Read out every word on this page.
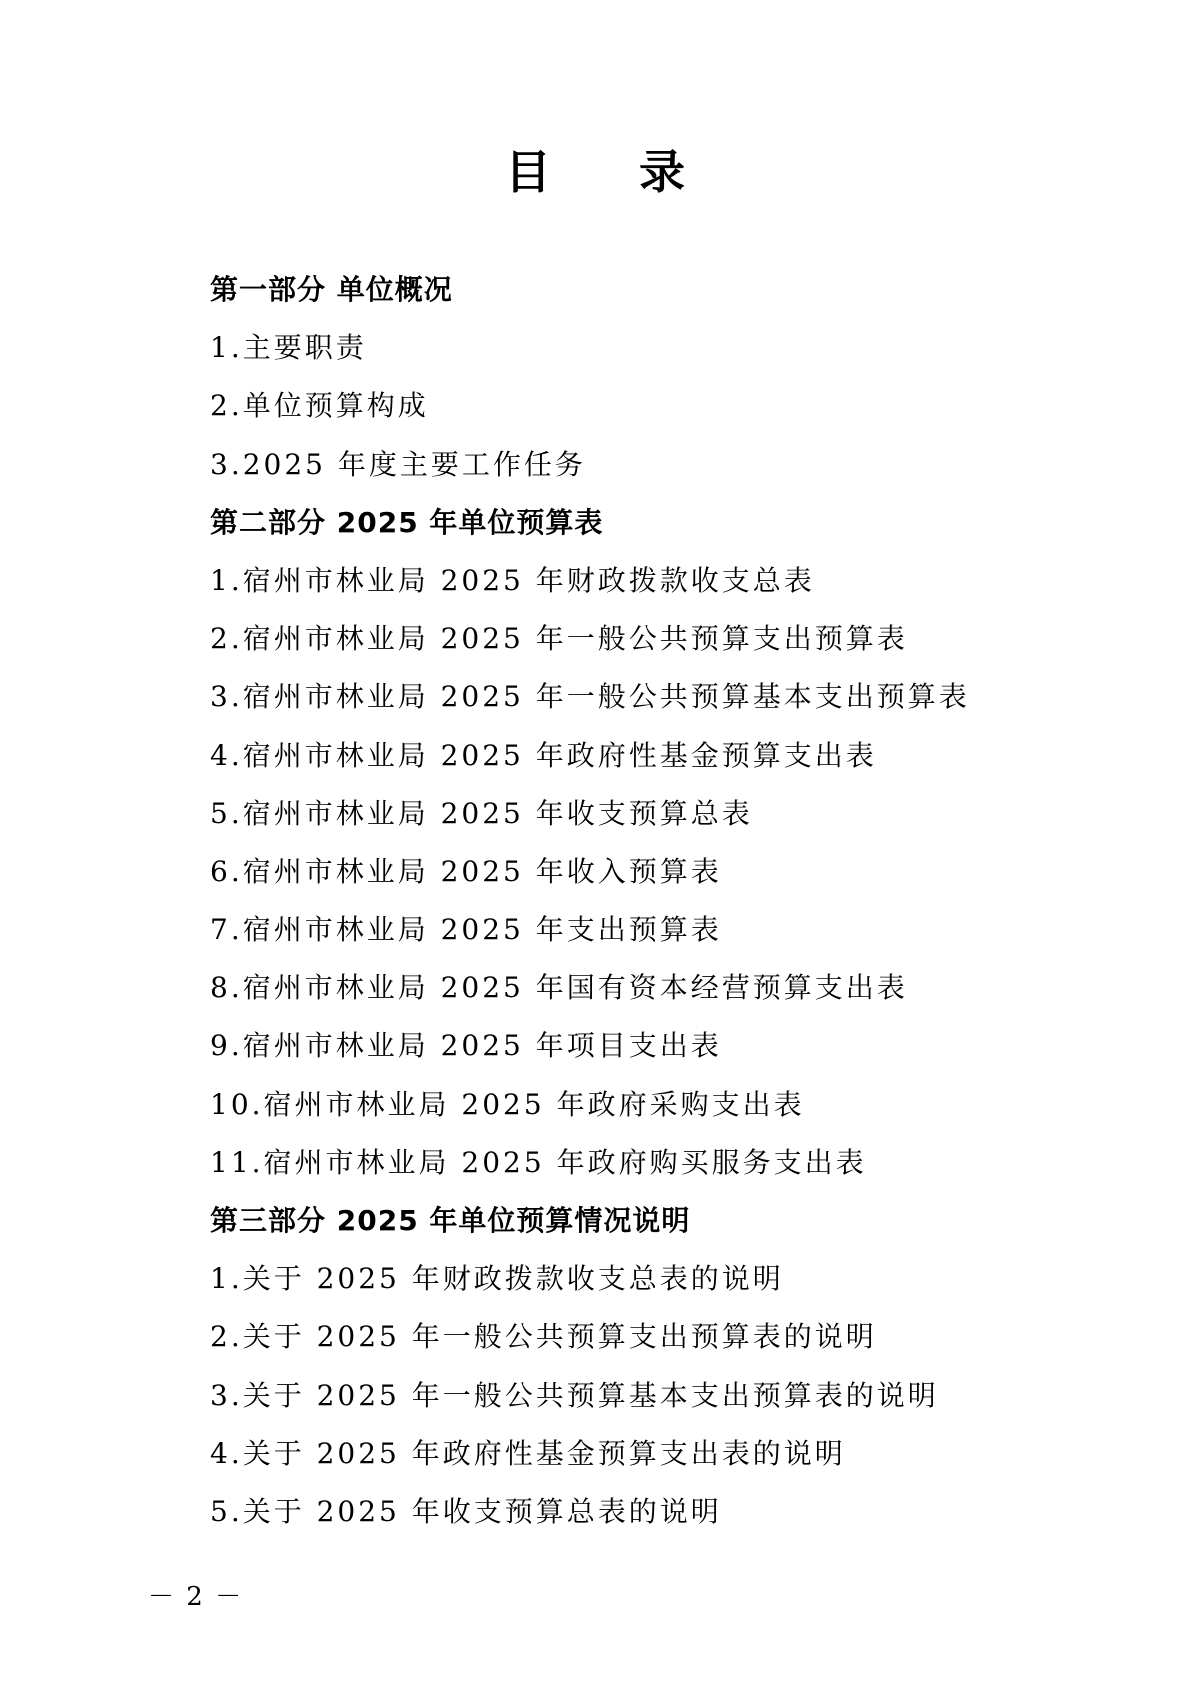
目 录
第一部分 单位概况
1.主要职责
2.单位预算构成
3.2025 年度主要工作任务
第二部分 2025 年单位预算表
1.宿州市林业局 2025 年财政拨款收支总表
2.宿州市林业局 2025 年一般公共预算支出预算表
3.宿州市林业局 2025 年一般公共预算基本支出预算表
4.宿州市林业局 2025 年政府性基金预算支出表
5.宿州市林业局 2025 年收支预算总表
6.宿州市林业局 2025 年收入预算表
7.宿州市林业局 2025 年支出预算表
8.宿州市林业局 2025 年国有资本经营预算支出表
9.宿州市林业局 2025 年项目支出表
10.宿州市林业局 2025 年政府采购支出表
11.宿州市林业局 2025 年政府购买服务支出表
第三部分 2025 年单位预算情况说明
1.关于 2025 年财政拨款收支总表的说明
2.关于 2025 年一般公共预算支出预算表的说明
3.关于 2025 年一般公共预算基本支出预算表的说明
4.关于 2025 年政府性基金预算支出表的说明
5.关于 2025 年收支预算总表的说明
－ 2 －
